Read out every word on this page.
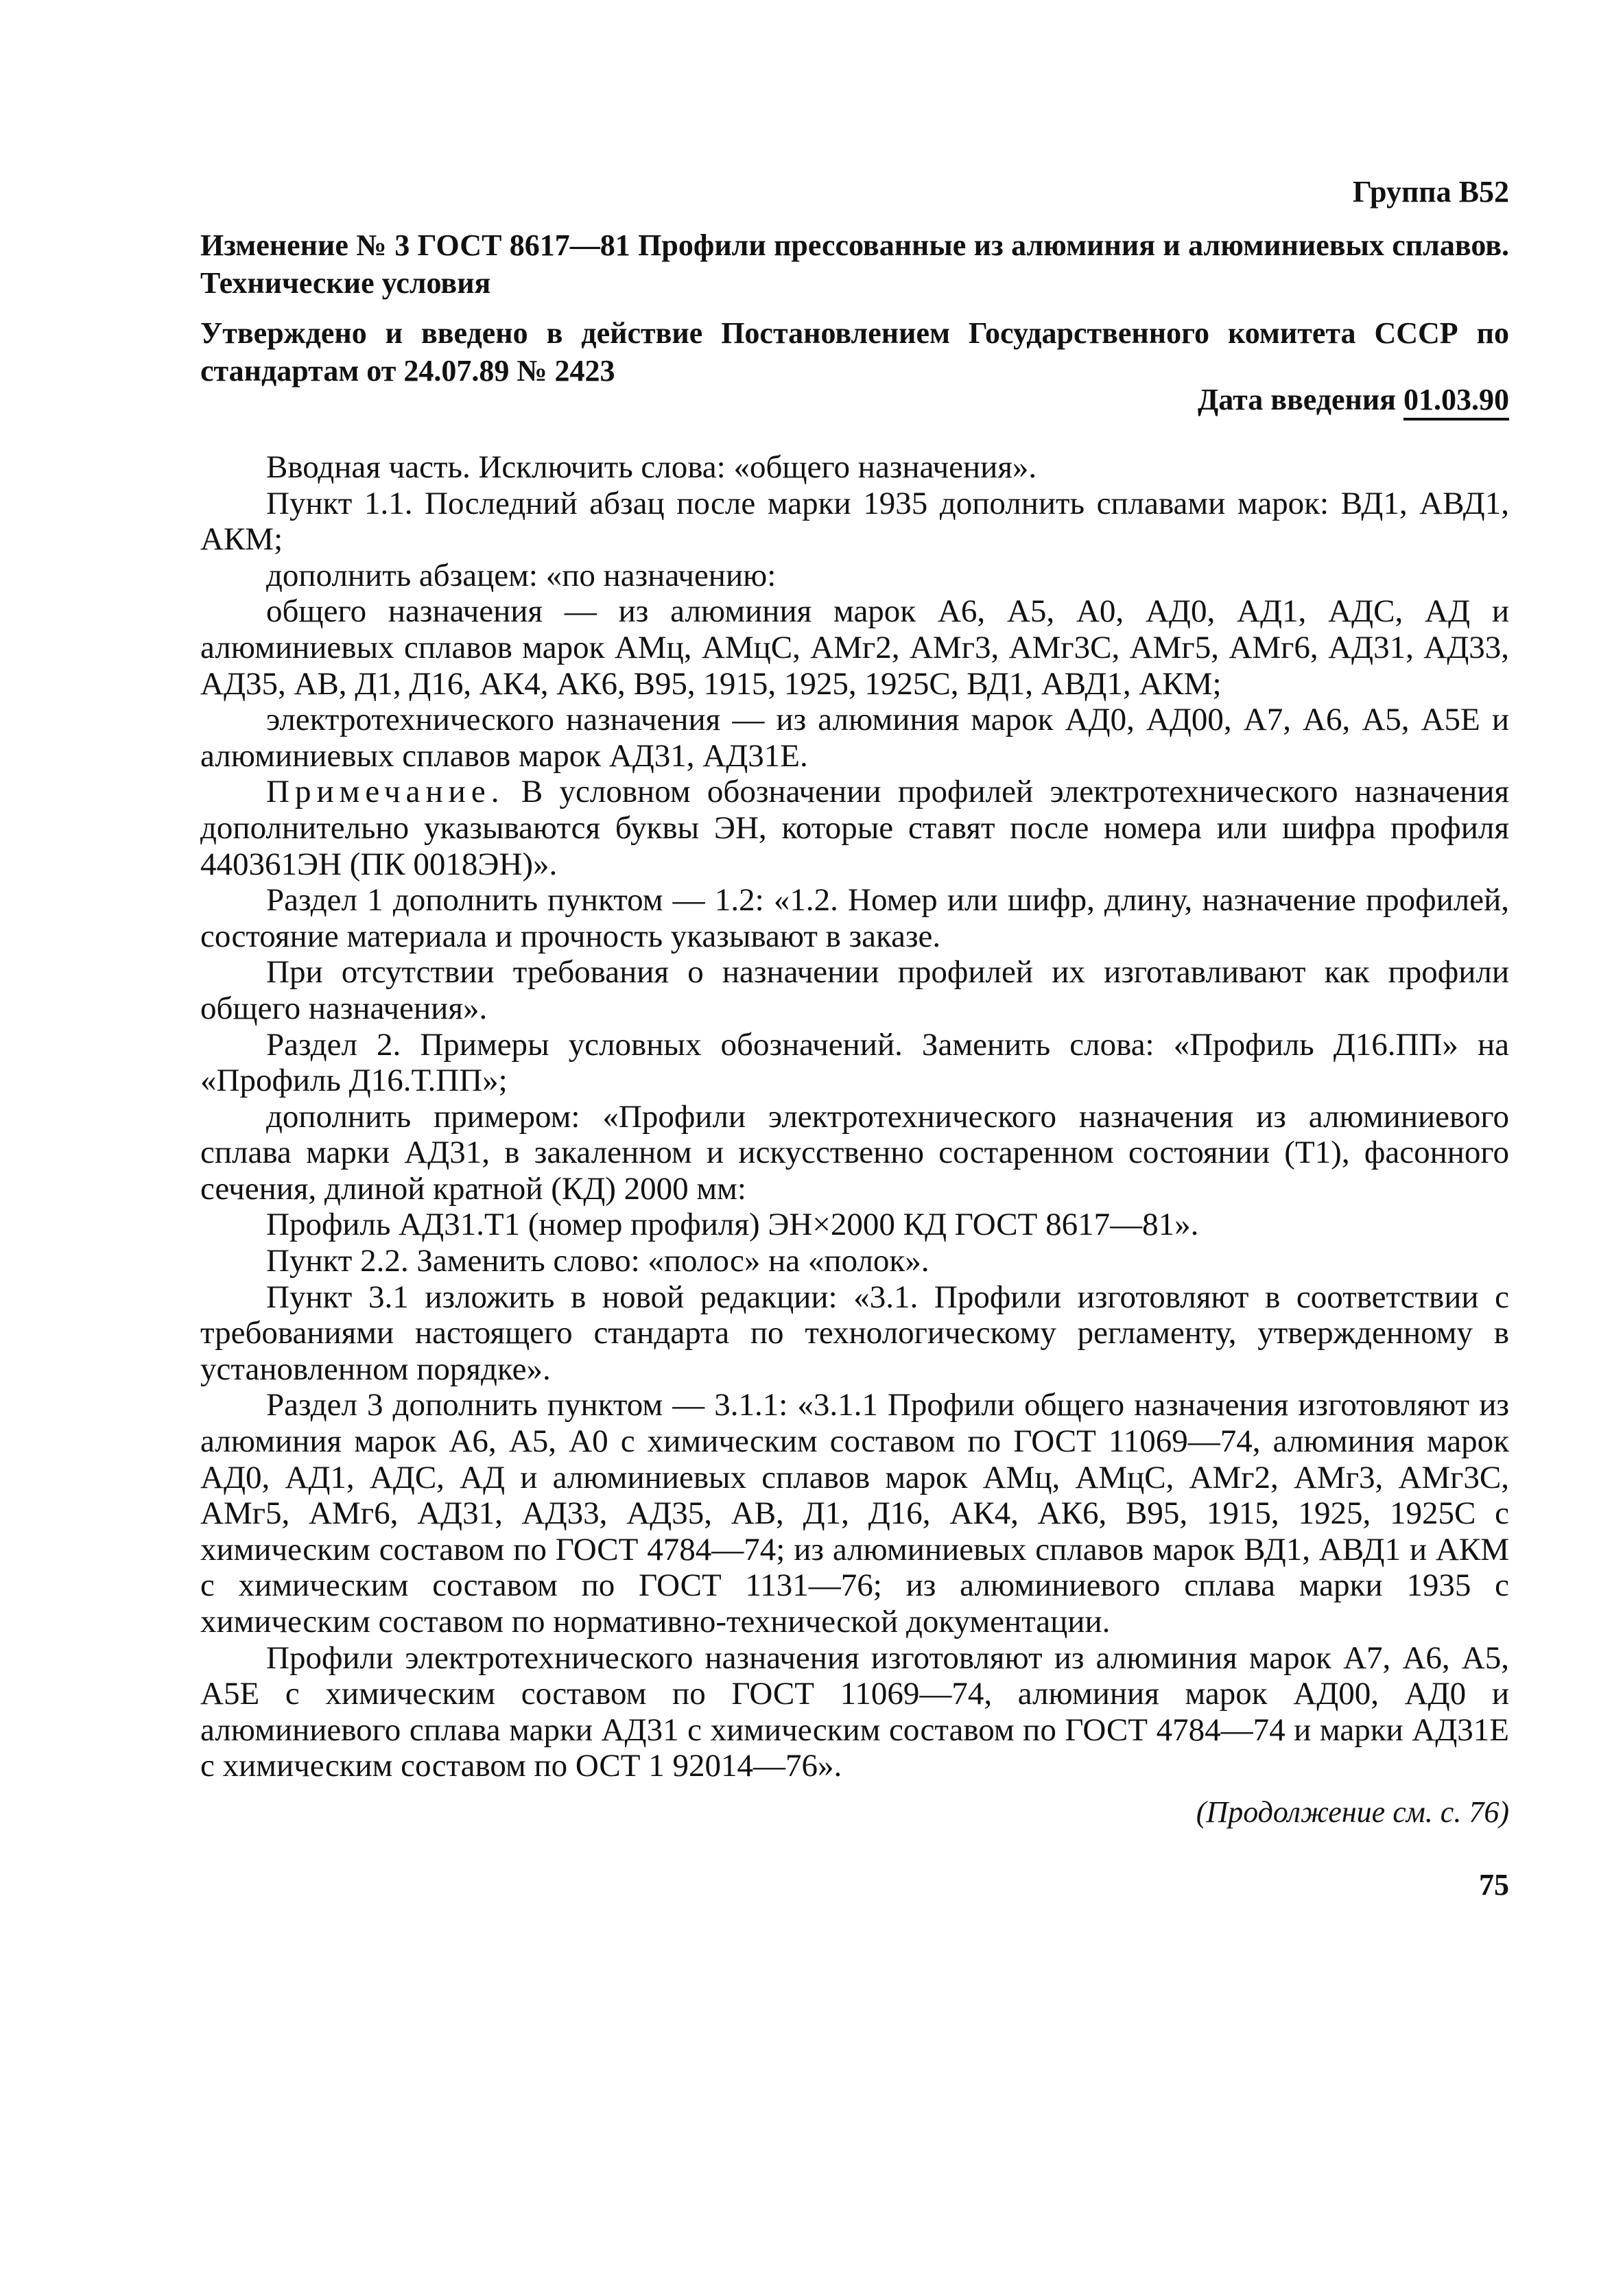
Группа В52
Изменение № 3 ГОСТ 8617—81 Профили прессованные из алюминия и алюминиевых сплавов. Технические условия
Утверждено и введено в действие Постановлением Государственного комитета СССР по стандартам от 24.07.89 № 2423
Дата введения 01.03.90

Вводная часть. Исключить слова: «общего назначения».

Пункт 1.1. Последний абзац после марки 1935 дополнить сплавами марок: ВД1, АВД1, АКМ;

дополнить абзацем: «по назначению:

общего назначения — из алюминия марок А6, А5, А0, АД0, АД1, АДС, АД и алюминиевых сплавов марок АМц, АМцС, АМг2, АМг3, АМг3С, АМг5, АМг6, АД31, АД33, АД35, АВ, Д1, Д16, АК4, АК6, В95, 1915, 1925, 1925С, ВД1, АВД1, АКМ;

электротехнического назначения — из алюминия марок АД0, АД00, А7, А6, А5, А5Е и алюминиевых сплавов марок АД31, АД31Е.

Примечание. В условном обозначении профилей электротехнического назначения дополнительно указываются буквы ЭН, которые ставят после номера или шифра профиля 440361ЭН (ПК 0018ЭН)».

Раздел 1 дополнить пунктом — 1.2: «1.2. Номер или шифр, длину, назначение профилей, состояние материала и прочность указывают в заказе.

При отсутствии требования о назначении профилей их изготавливают как профили общего назначения».

Раздел 2. Примеры условных обозначений. Заменить слова: «Профиль Д16.ПП» на «Профиль Д16.Т.ПП»;

дополнить примером: «Профили электротехнического назначения из алюминиевого сплава марки АД31, в закаленном и искусственно состаренном состоянии (Т1), фасонного сечения, длиной кратной (КД) 2000 мм:

Профиль АД31.Т1 (номер профиля) ЭН×2000 КД ГОСТ 8617—81».

Пункт 2.2. Заменить слово: «полос» на «полок».

Пункт 3.1 изложить в новой редакции: «3.1. Профили изготовляют в соответствии с требованиями настоящего стандарта по технологическому регламенту, утвержденному в установленном порядке».

Раздел 3 дополнить пунктом — 3.1.1: «3.1.1 Профили общего назначения изготовляют из алюминия марок А6, А5, А0 с химическим составом по ГОСТ 11069—74, алюминия марок АД0, АД1, АДС, АД и алюминиевых сплавов марок АМц, АМцС, АМг2, АМг3, АМг3С, АМг5, АМг6, АД31, АД33, АД35, АВ, Д1, Д16, АК4, АК6, В95, 1915, 1925, 1925С с химическим составом по ГОСТ 4784—74; из алюминиевых сплавов марок ВД1, АВД1 и АКМ с химическим составом по ГОСТ 1131—76; из алюминиевого сплава марки 1935 с химическим составом по нормативно-технической документации.

Профили электротехнического назначения изготовляют из алюминия марок А7, А6, А5, А5Е с химическим составом по ГОСТ 11069—74, алюминия марок АД00, АД0 и алюминиевого сплава марки АД31 с химическим составом по ГОСТ 4784—74 и марки АД31Е с химическим составом по ОСТ 1 92014—76».

(Продолжение см. с. 76)
75
